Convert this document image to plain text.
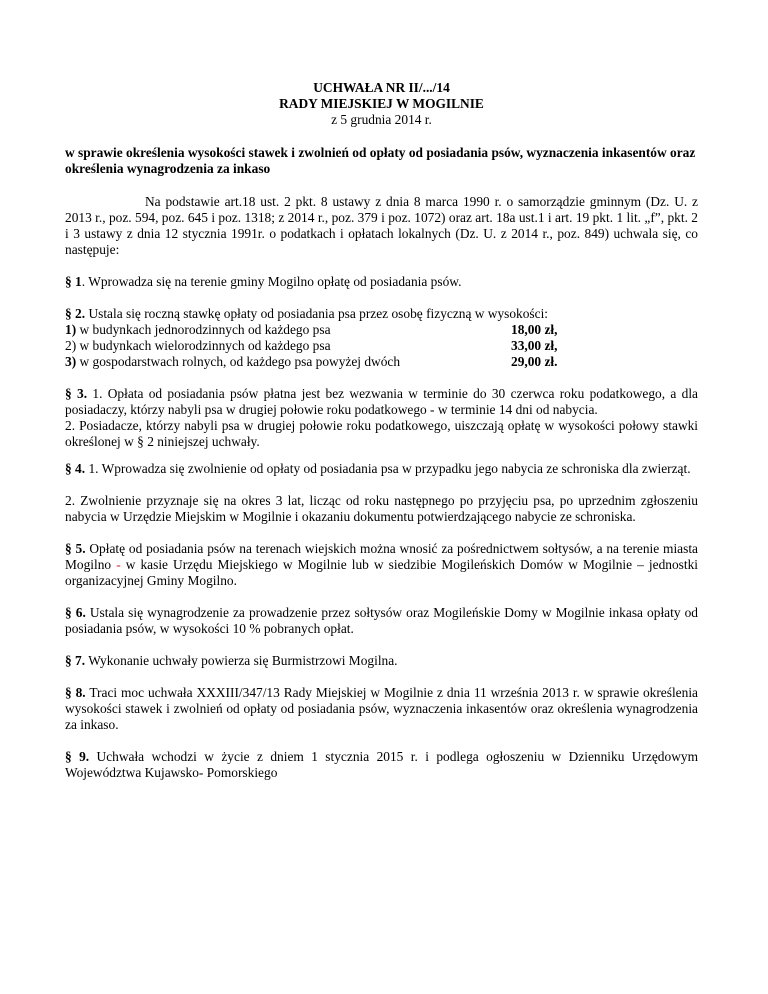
UCHWAŁA NR II/.../14
RADY MIEJSKIEJ W MOGILNIE
z 5 grudnia 2014 r.

w sprawie określenia wysokości stawek i zwolnień od opłaty od posiadania psów, wyznaczenia inkasentów oraz określenia wynagrodzenia za inkaso

Na podstawie art.18 ust. 2 pkt. 8 ustawy z dnia 8 marca 1990 r. o samorządzie gminnym (Dz. U. z 2013 r., poz. 594, poz. 645 i poz. 1318; z 2014 r., poz. 379 i poz. 1072) oraz art. 18a ust.1 i art. 19 pkt. 1 lit. „f”, pkt. 2 i 3 ustawy z dnia 12 stycznia 1991r. o podatkach i opłatach lokalnych (Dz. U. z 2014 r., poz. 849) uchwala się, co następuje:

§ 1. Wprowadza się na terenie gminy Mogilno opłatę od posiadania psów.

§ 2. Ustala się roczną stawkę opłaty od posiadania psa przez osobę fizyczną w wysokości:

1) w budynkach jednorodzinnych od każdego psa	18,00 zł,
2) w budynkach wielorodzinnych od każdego psa	33,00 zł,
3) w gospodarstwach rolnych, od każdego psa powyżej dwóch	29,00 zł.

§ 3. 1. Opłata od posiadania psów płatna jest bez wezwania w terminie do 30 czerwca roku podatkowego, a dla posiadaczy, którzy nabyli psa w drugiej połowie roku podatkowego - w terminie 14 dni od nabycia.

2. Posiadacze, którzy nabyli psa w drugiej połowie roku podatkowego, uiszczają opłatę w wysokości połowy stawki określonej w § 2 niniejszej uchwały.

§ 4. 1. Wprowadza się zwolnienie od opłaty od posiadania psa w przypadku jego nabycia ze schroniska dla zwierząt.

2. Zwolnienie przyznaje się na okres 3 lat, licząc od roku następnego po przyjęciu psa, po uprzednim zgłoszeniu nabycia w Urzędzie Miejskim w Mogilnie i okazaniu dokumentu potwierdzającego nabycie ze schroniska.

§ 5. Opłatę od posiadania psów na terenach wiejskich można wnosić za pośrednictwem sołtysów, a na terenie miasta Mogilno - w kasie Urzędu Miejskiego w Mogilnie lub w siedzibie Mogileńskich Domów w Mogilnie – jednostki organizacyjnej Gminy Mogilno.

§ 6. Ustala się wynagrodzenie za prowadzenie przez sołtysów oraz Mogileńskie Domy w Mogilnie inkasa opłaty od posiadania psów, w wysokości 10 % pobranych opłat.

§ 7. Wykonanie uchwały powierza się Burmistrzowi Mogilna.

§ 8. Traci moc uchwała XXXIII/347/13 Rady Miejskiej w Mogilnie z dnia 11 września 2013 r. w sprawie określenia wysokości stawek i zwolnień od opłaty od posiadania psów, wyznaczenia inkasentów oraz określenia wynagrodzenia za inkaso.

§ 9. Uchwała wchodzi w życie z dniem 1 stycznia 2015 r. i podlega ogłoszeniu w Dzienniku Urzędowym Województwa Kujawsko- Pomorskiego
